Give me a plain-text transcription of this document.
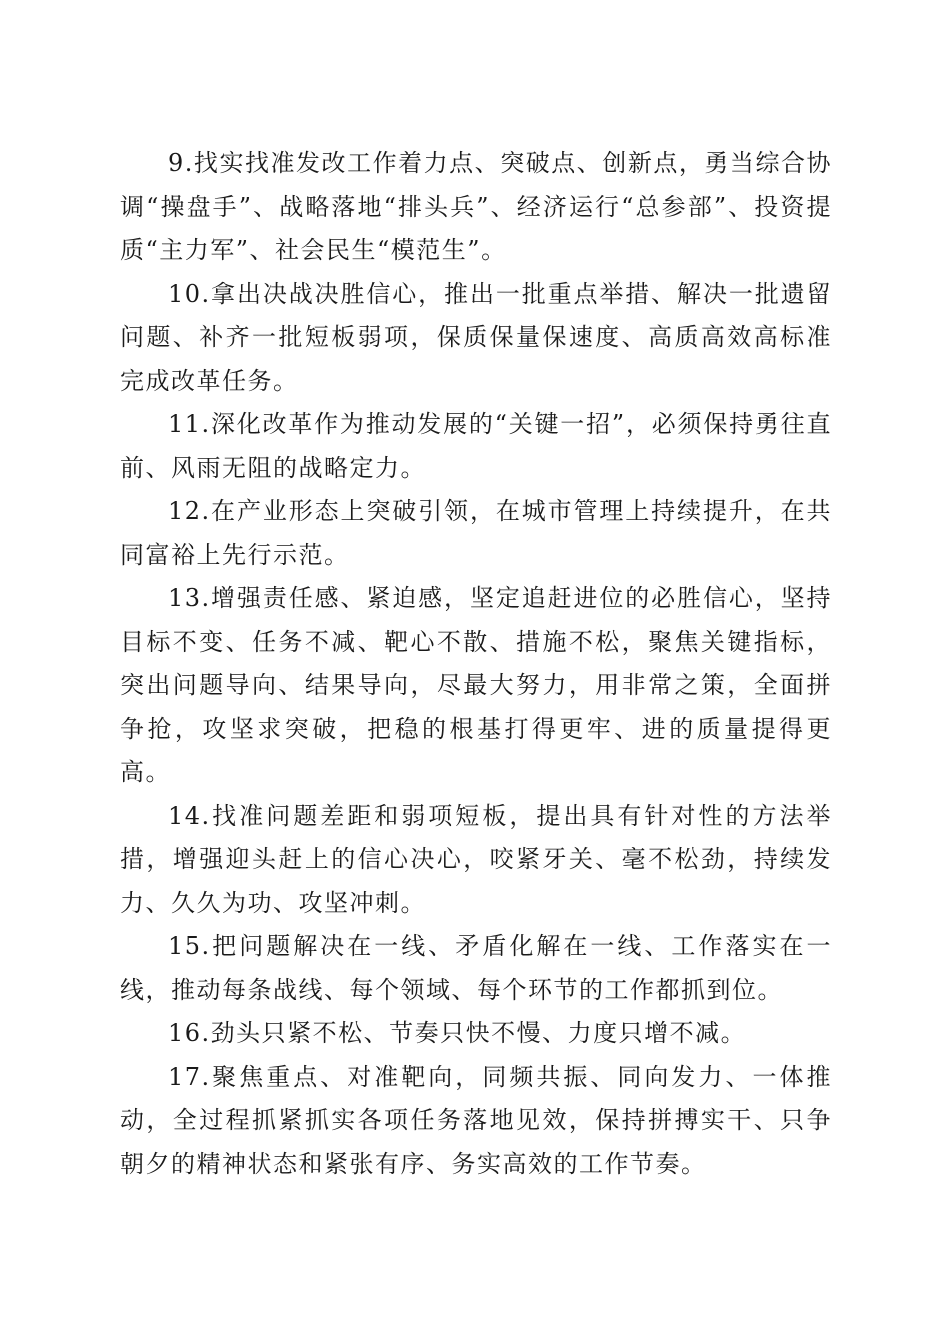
9.找实找准发改工作着力点、突破点、创新点，勇当综合协调“操盘手”、战略落地“排头兵”、经济运行“总参部”、投资提质“主力军”、社会民生“模范生”。

10.拿出决战决胜信心，推出一批重点举措、解决一批遗留问题、补齐一批短板弱项，保质保量保速度、高质高效高标准完成改革任务。

11.深化改革作为推动发展的“关键一招”，必须保持勇往直前、风雨无阻的战略定力。

12.在产业形态上突破引领，在城市管理上持续提升，在共同富裕上先行示范。

13.增强责任感、紧迫感，坚定追赶进位的必胜信心，坚持目标不变、任务不减、靶心不散、措施不松，聚焦关键指标，突出问题导向、结果导向，尽最大努力，用非常之策，全面拼争抢，攻坚求突破，把稳的根基打得更牢、进的质量提得更高。

14.找准问题差距和弱项短板，提出具有针对性的方法举措，增强迎头赶上的信心决心，咬紧牙关、毫不松劲，持续发力、久久为功、攻坚冲刺。

15.把问题解决在一线、矛盾化解在一线、工作落实在一线，推动每条战线、每个领域、每个环节的工作都抓到位。

16.劲头只紧不松、节奏只快不慢、力度只增不减。

17.聚焦重点、对准靶向，同频共振、同向发力、一体推动，全过程抓紧抓实各项任务落地见效，保持拼搏实干、只争朝夕的精神状态和紧张有序、务实高效的工作节奏。
